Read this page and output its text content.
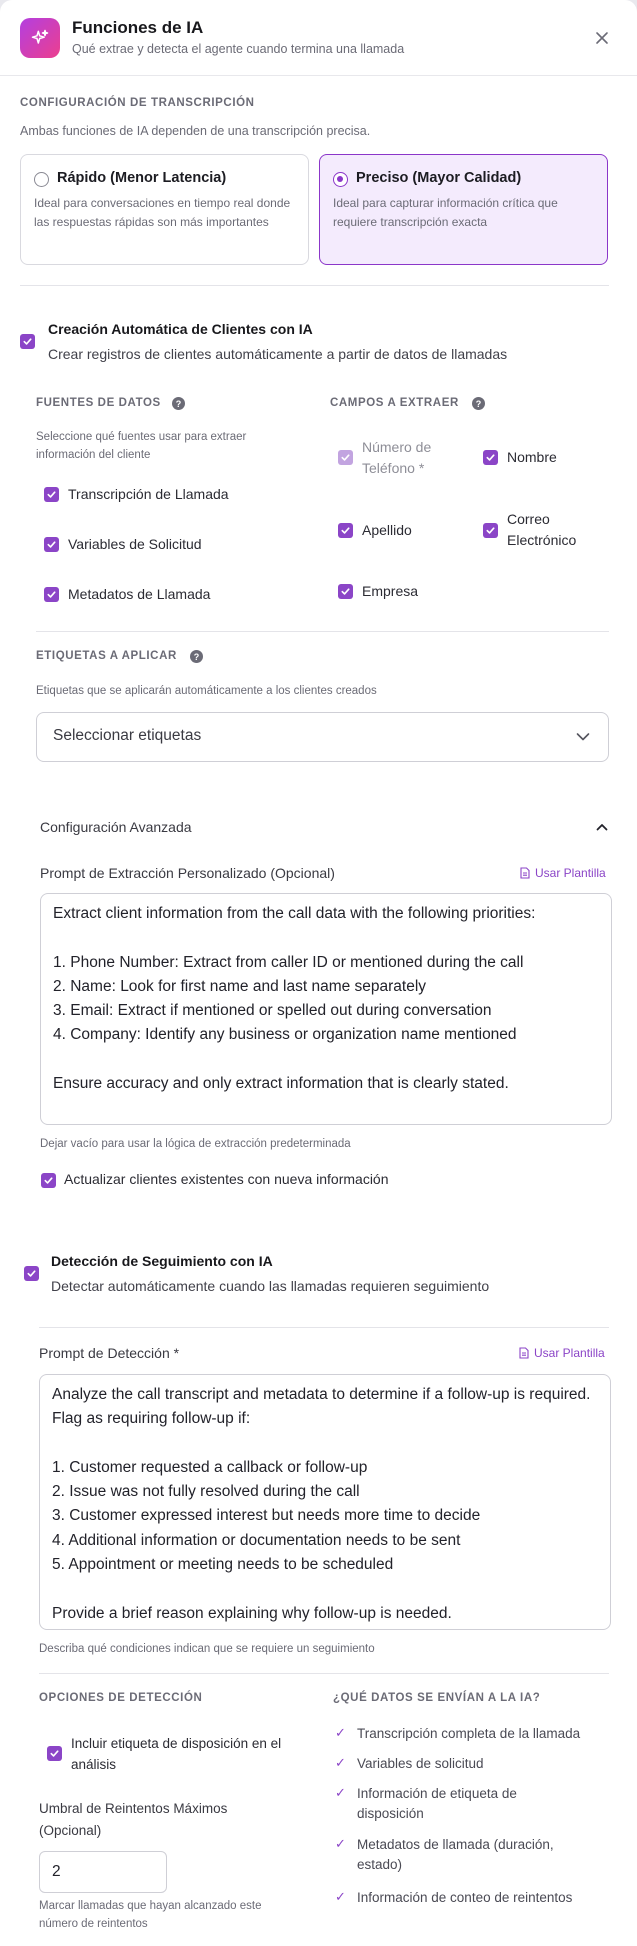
Funciones de IA
Qué extrae y detecta el agente cuando termina una llamada
CONFIGURACIÓN DE TRANSCRIPCIÓN
Ambas funciones de IA dependen de una transcripción precisa.
Rápido (Menor Latencia)
Ideal para conversaciones en tiempo real donde las respuestas rápidas son más importantes
Preciso (Mayor Calidad)
Ideal para capturar información crítica que requiere transcripción exacta
Creación Automática de Clientes con IA
Crear registros de clientes automáticamente a partir de datos de llamadas
FUENTES DE DATOS	?
Seleccione qué fuentes usar para extraer información del cliente
Transcripción de Llamada
Variables de Solicitud
Metadatos de Llamada
CAMPOS A EXTRAER	?
Número de Teléfono *
Nombre
Apellido
Correo Electrónico
Empresa
ETIQUETAS A APLICAR	?
Etiquetas que se aplicarán automáticamente a los clientes creados
Seleccionar etiquetas
Configuración Avanzada
Prompt de Extracción Personalizado (Opcional)	Usar Plantilla
Extract client information from the call data with the following priorities:

1. Phone Number: Extract from caller ID or mentioned during the call
2. Name: Look for first name and last name separately
3. Email: Extract if mentioned or spelled out during conversation
4. Company: Identify any business or organization name mentioned

Ensure accuracy and only extract information that is clearly stated.
Dejar vacío para usar la lógica de extracción predeterminada
Actualizar clientes existentes con nueva información
Detección de Seguimiento con IA
Detectar automáticamente cuando las llamadas requieren seguimiento
Prompt de Detección *	Usar Plantilla
Analyze the call transcript and metadata to determine if a follow-up is required. Flag as requiring follow-up if:

1. Customer requested a callback or follow-up
2. Issue was not fully resolved during the call
3. Customer expressed interest but needs more time to decide
4. Additional information or documentation needs to be sent
5. Appointment or meeting needs to be scheduled

Provide a brief reason explaining why follow-up is needed.
Describa qué condiciones indican que se requiere un seguimiento
OPCIONES DE DETECCIÓN
Incluir etiqueta de disposición en el análisis
Umbral de Reintentos Máximos (Opcional)
2
Marcar llamadas que hayan alcanzado este número de reintentos
¿QUÉ DATOS SE ENVÍAN A LA IA?
✓ Transcripción completa de la llamada
✓ Variables de solicitud
✓ Información de etiqueta de disposición
✓ Metadatos de llamada (duración, estado)
✓ Información de conteo de reintentos
